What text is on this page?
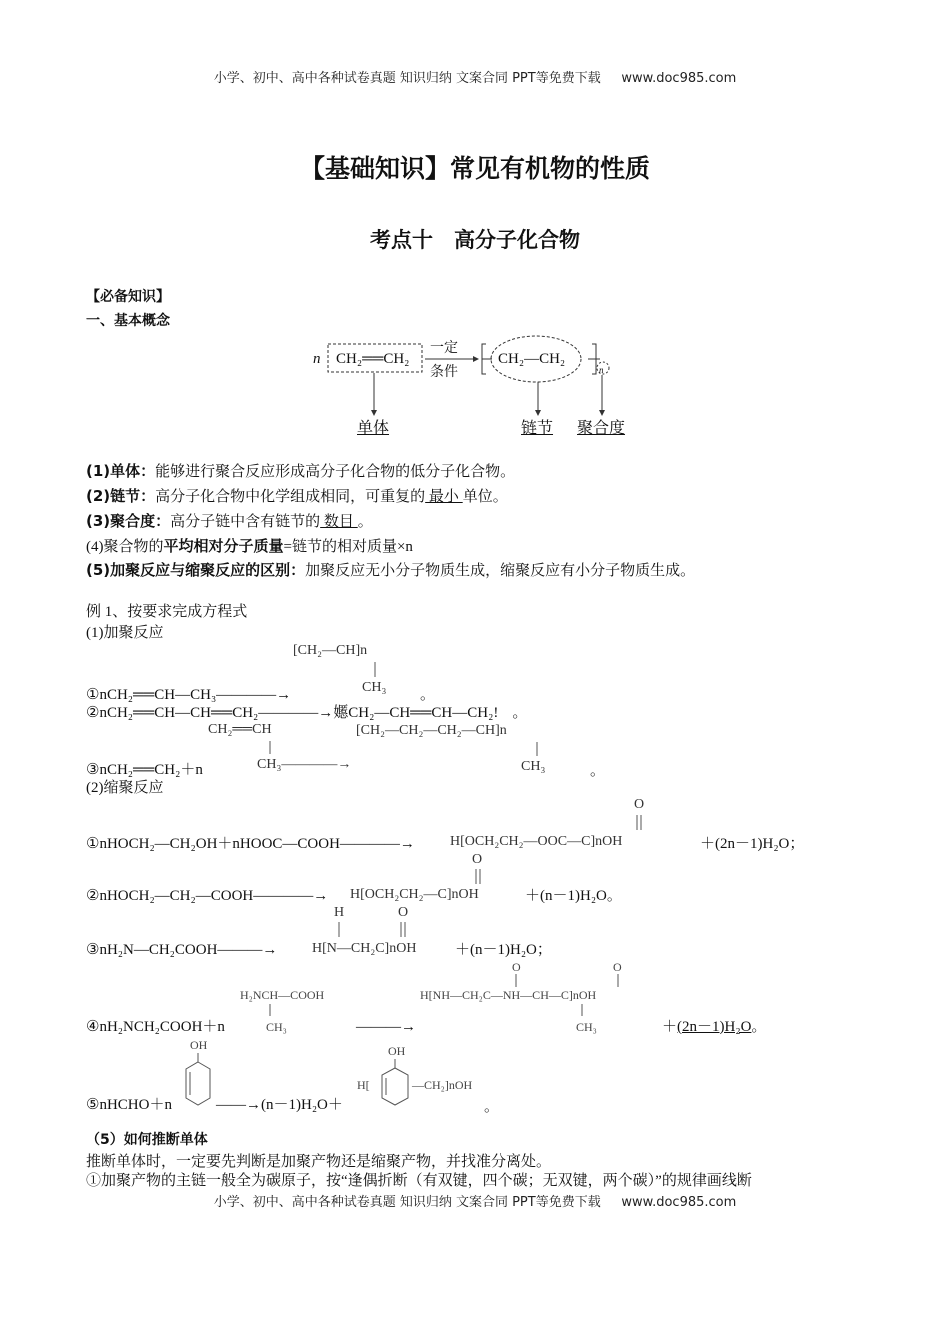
小学、初中、高中各种试卷真题 知识归纳 文案合同 PPT等免费下载 www.doc985.com
【基础知识】常见有机物的性质
考点十　高分子化合物
【必备知识】
一、基本概念
n CH₂══CH₂
一定
条件
CH₂—CH₂
n
单体	链节 聚合度
(1)单体：能够进行聚合反应形成高分子化合物的低分子化合物。
(2)链节：高分子化合物中化学组成相同，可重复的 最小 单位。
(3)聚合度：高分子链中含有链节的 数目 。
(4)聚合物的平均相对分子质量=链节的相对质量×n
(5)加聚反应与缩聚反应的区别：加聚反应无小分子物质生成，缩聚反应有小分子物质生成。
例 1、按要求完成方程式
(1)加聚反应
[CH₂—CH]n
CH₃
①nCH₂══CH—CH₃————→	。
②nCH₂══CH—CH══CH₂————→嬺CH₂—CH══CH—CH₂! 。
CH₂══CH	[CH₂—CH₂—CH₂—CH]n
CH₃————→	CH₃
③nCH₂══CH₂＋n	。
(2)缩聚反应
O
①nHOCH₂—CH₂OH＋nHOOC—COOH————→	H[OCH₂CH₂—OOC—C]nOH	＋(2n－1)H₂O；
O
②nHOCH₂—CH₂—COOH————→ H[OCH₂CH₂—C]nOH	＋(n－1)H₂O。
H	O
③nH₂N—CH₂COOH———→ H[N—CH₂C]nOH	＋(n－1)H₂O；
O	O
H₂NCH—COOH	H[NH—CH₂C—NH—CH—C]nOH
CH₃	CH₃
④nH₂NCH₂COOH＋n	———→	＋(2n－1)H₂O。
OH	OH
⑤nHCHO＋n	——→(n－1)H₂O＋
H[	—CH₂]nOH
。
（5）如何推断单体
推断单体时，一定要先判断是加聚产物还是缩聚产物，并找准分离处。
①加聚产物的主链一般全为碳原子，按“逢偶折断（有双键，四个碳；无双键，两个碳）”的规律画线断
小学、初中、高中各种试卷真题 知识归纳 文案合同 PPT等免费下载 www.doc985.com
